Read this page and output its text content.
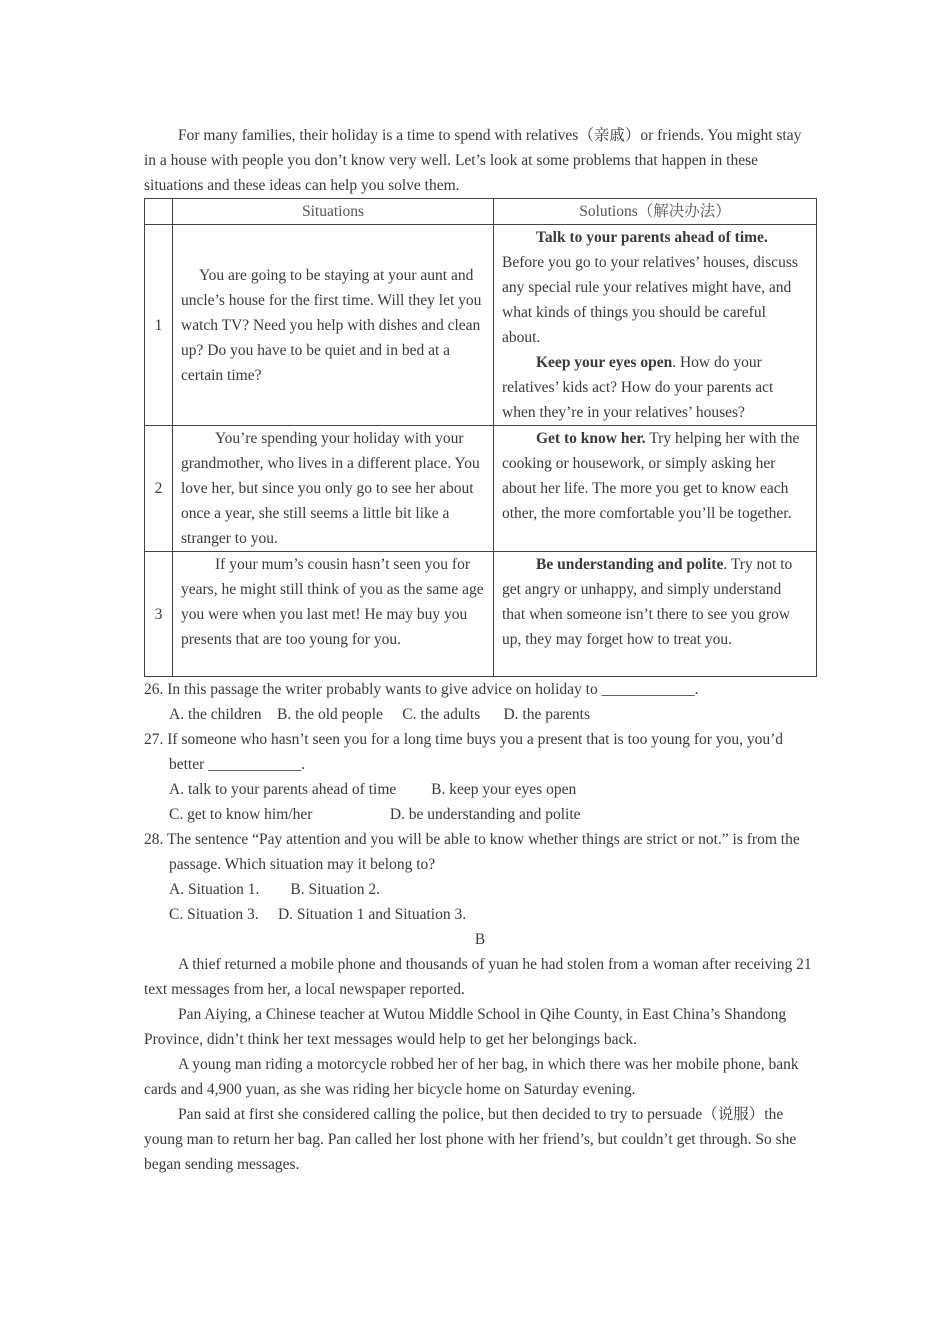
For many families, their holiday is a time to spend with relatives（亲戚）or friends. You might stay in a house with people you don’t know very well. Let’s look at some problems that happen in these situations and these ideas can help you solve them.

	Situations	Solutions（解决办法）
1	You are going to be staying at your aunt and uncle’s house for the first time. Will they let you watch TV? Need you help with dishes and clean up? Do you have to be quiet and in bed at a certain time?	Talk to your parents ahead of time.

Before you go to your relatives’ houses, discuss any special rule your relatives might have, and what kinds of things you should be careful about.

Keep your eyes open. How do your relatives’ kids act? How do your parents act when they’re in your relatives’ houses?

2	You’re spending your holiday with your grandmother, who lives in a different place. You love her, but since you only go to see her about once a year, she still seems a little bit like a stranger to you.	Get to know her. Try helping her with the cooking or housework, or simply asking her about her life. The more you get to know each other, the more comfortable you’ll be together.

3	If your mum’s cousin hasn’t seen you for years, he might still think of you as the same age you were when you last met! He may buy you presents that are too young for you.	Be understanding and polite. Try not to get angry or unhappy, and simply understand that when someone isn’t there to see you grow up, they may forget how to treat you.

26. In this passage the writer probably wants to give advice on holiday to ____________.

A. the children    B. the old people     C. the adults      D. the parents

27. If someone who hasn’t seen you for a long time buys you a present that is too young for you, you’d better ____________.

A. talk to your parents ahead of time         B. keep your eyes open

C. get to know him/her                    D. be understanding and polite

28. The sentence “Pay attention and you will be able to know whether things are strict or not.” is from the passage. Which situation may it belong to?

A. Situation 1.        B. Situation 2.

C. Situation 3.     D. Situation 1 and Situation 3.

B

A thief returned a mobile phone and thousands of yuan he had stolen from a woman after receiving 21 text messages from her, a local newspaper reported.

Pan Aiying, a Chinese teacher at Wutou Middle School in Qihe County, in East China’s Shandong Province, didn’t think her text messages would help to get her belongings back.

A young man riding a motorcycle robbed her of her bag, in which there was her mobile phone, bank cards and 4,900 yuan, as she was riding her bicycle home on Saturday evening.

Pan said at first she considered calling the police, but then decided to try to persuade（说服）the young man to return her bag. Pan called her lost phone with her friend’s, but couldn’t get through. So she began sending messages.
